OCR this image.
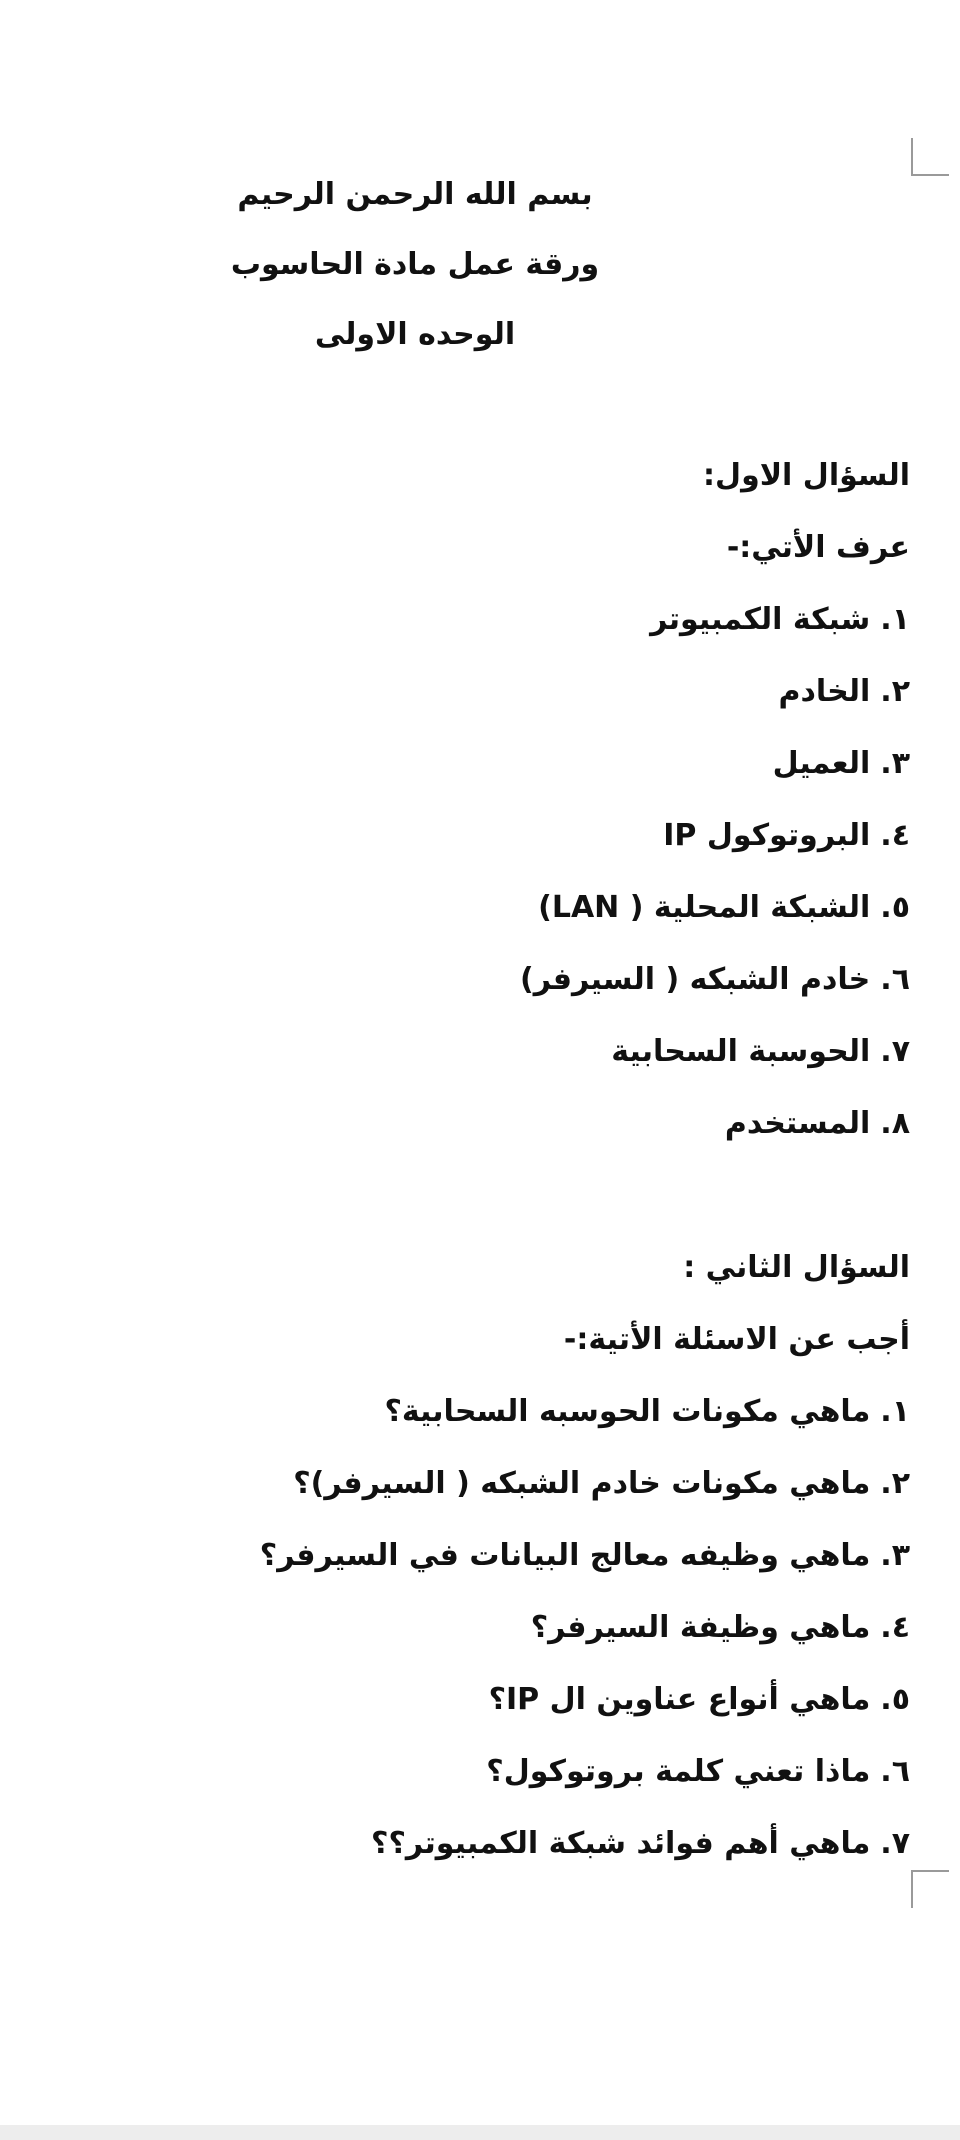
بسم الله الرحمن الرحيم
ورقة عمل مادة الحاسوب
الوحده الاولى
السؤال الاول:
عرف الأتي:-
١.شبكة الكمبيوتر
٢.الخادم
٣.العميل
٤.البروتوكول IP
٥.الشبكة المحلية ( LAN)
٦.خادم الشبكه ( السيرفر)
٧.الحوسبة السحابية
٨.المستخدم
السؤال الثاني :
أجب عن الاسئلة الأتية:-
١.ماهي مكونات الحوسبه السحابية؟
٢.ماهي مكونات خادم الشبكه ( السيرفر)؟
٣.ماهي وظيفه معالج البيانات في السيرفر؟
٤.ماهي وظيفة السيرفر؟
٥.ماهي أنواع عناوين ال IP؟
٦.ماذا تعني كلمة بروتوكول؟
٧.ماهي أهم فوائد شبكة الكمبيوتر؟؟
